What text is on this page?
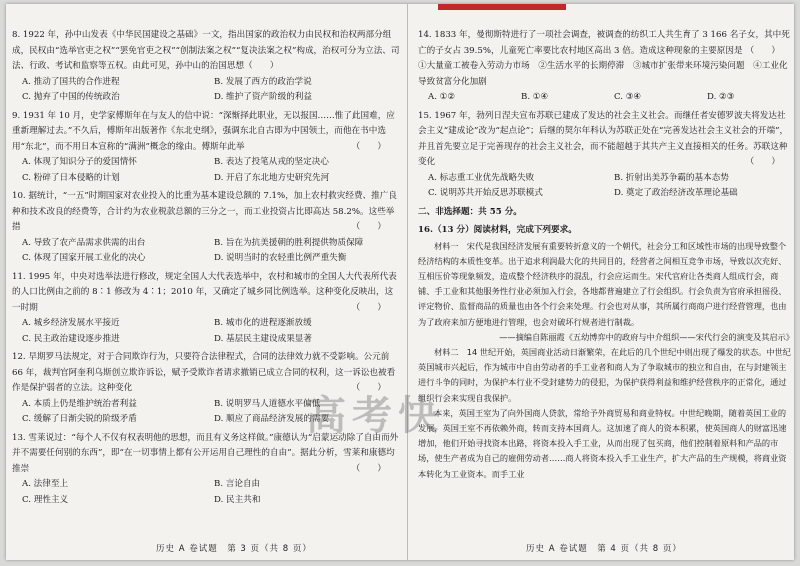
8. 1922 年，孙中山发表《中华民国建设之基础》一文，指出国家的政治权力由民权和治权两部分组成，民权由“选举官吏之权”“罢免官吏之权”“创制法案之权”“复决法案之权”构成，治权可分为立法、司法、行政、考试和监察等五权。由此可见，孙中山的治国思想（　　）
A. 推动了国共的合作进程	B. 发展了西方的政治学说
C. 抛弃了中国的传统政治	D. 维护了资产阶级的利益
9. 1931 年 10 月，史学家傅斯年在与友人的信中说：“深惭择此职业，无以报国……惟了此国难，应重新理解过去。”不久后，傅斯年出版著作《东北史纲》，强调东北自古即为中国领土，而他在书中选用“东北”，而不用日本宣称的“满洲”概念的缘由。傅斯年此举	（　　）
A. 体现了知识分子的爱国情怀	B. 表达了投笔从戎的坚定决心
C. 粉碎了日本侵略的计划	D. 开启了东北地方史研究先河
10. 据统计，“一五”时期国家对农业投入的比重为基本建设总额的 7.1%，加上农村救灾经费、推广良种和技术改良的经费等，合计约为农业税款总额的三分之一，而工业投资占比即高达 58.2%。这些举措	（　　）
A. 导致了农产品需求供需的出台	B. 旨在为抗美援朝的胜利提供物质保障
C. 体现了国家开展工业化的决心	D. 说明当时的农轻重比例严重失衡
11. 1995 年，中央对选举法进行修改，规定全国人大代表选举中，农村和城市的全国人大代表所代表的人口比例由之前的 8∶1 修改为 4∶1；2010 年，又确定了城乡同比例选举。这种变化反映出，这一时期	（　　）
A. 城乡经济发展水平接近	B. 城市化的进程逐渐放缓
C. 民主政治建设逐步推进	D. 基层民主建设成果显著
12. 早期罗马法规定，对于合同欺诈行为，只要符合法律程式，合同的法律效力就不受影响。公元前 66 年，裁判官阿奎利乌斯创立欺诈诉讼，赋予受欺诈者请求撤销已成立合同的权利，这一诉讼也被看作是保护弱者的立法。这种变化	（　　）
A. 本质上仍是维护统治者利益	B. 说明罗马人道德水平偏低
C. 缓解了日渐尖锐的阶级矛盾	D. 顺应了商品经济发展的需要
13. 雪莱说过：“每个人不仅有权表明他的思想，而且有义务这样做。”康德认为“启蒙运动除了自由而外并不需要任何别的东西”，即“在一切事情上都有公开运用自己理性的自由”。据此分析，雪莱和康德均推崇	（　　）
A. 法律至上	B. 言论自由
C. 理性主义	D. 民主共和
14. 1833 年，曼彻斯特进行了一项社会调查，被调查的纺织工人共生育了 3 166 名子女，其中死亡的子女占 39.5%，儿童死亡率要比农村地区高出 3 倍。造成这种现象的主要原因是 （　　）
①大量童工被卷入劳动力市场　②生活水平的长期停滞　③城市扩张带来环境污染问题　④工业化导致贫富分化加剧
A. ①②	B. ①④	C. ③④	D. ②③
15. 1967 年，勃列日涅夫宣布苏联已建成了发达的社会主义社会。而继任者安德罗波夫将发达社会主义“建成论”改为“起点论”；后继的契尔年科认为苏联正处在“完善发达社会主义社会的开端”，并且首先要立足于完善现存的社会主义社会，而不能超越于其共产主义直接相关的任务。苏联这种变化	（　　）
A. 标志重工业优先战略失败	B. 折射出美苏争霸的基本态势
C. 说明苏共开始反思苏联模式	D. 奠定了政治经济改革理论基础
二、非选择题：共 55 分。
16.（13 分）阅读材料，完成下列要求。
材料一　宋代是我国经济发展有重要转折意义的一个朝代，社会分工和区域性市场的出现导致整个经济结构的本质性变革。出于追求利润最大化的共同目的，经营者之间相互竞争市场，导致以次充好、互相压价等现象频发，造成整个经济秩序的混乱，行会应运而生。宋代官府让各类商人组成行会，商铺、手工业和其他服务性行业必须加入行会，各地都普遍建立了行会组织。行会负责为官府承担徭役、评定物价、监督商品的质量也由各个行会来处理。行会也对从事，其所属行商商户进行经营管理，也由为了政府来加方便地进行管理，也会对破坏行规者进行制裁。
——摘编自陈丽霞《五幼博弈中的政府与中介组织——宋代行会的演变及其启示》
材料二　14 世纪开始，英国商业活动日渐繁荣，在此后的几个世纪中则出现了爆发的状态。中世纪英国城市兴起后，作为城市中自由劳动者的手工业者和商人为了争取城市的独立和自由，在与封建领主进行斗争的同时，为保护本行业不受封建势力的侵犯，为保护获得利益和维护经营秩序的正常化，通过组织行会来实现自我保护。
本来，英国王室为了向外国商人贷款，常给予外商贸易和商业特权。中世纪晚期，随着英国工业的发展，英国王室不再依赖外商，转而支持本国商人。这加速了商人的资本积累，使英国商人的财富迅速增加，他们开始寻找资本出路，将资本投入手工业，从而出现了包买商，他们控制着原料和产品的市场，使生产者成为自己的雇佣劳动者……商人将资本投入手工业生产，扩大产品的生产规模，将商业资本转化为工业资本。而手工业
高考快
历史 A 卷试题　第 3 页（共 8 页）	历史 A 卷试题　第 4 页（共 8 页）
